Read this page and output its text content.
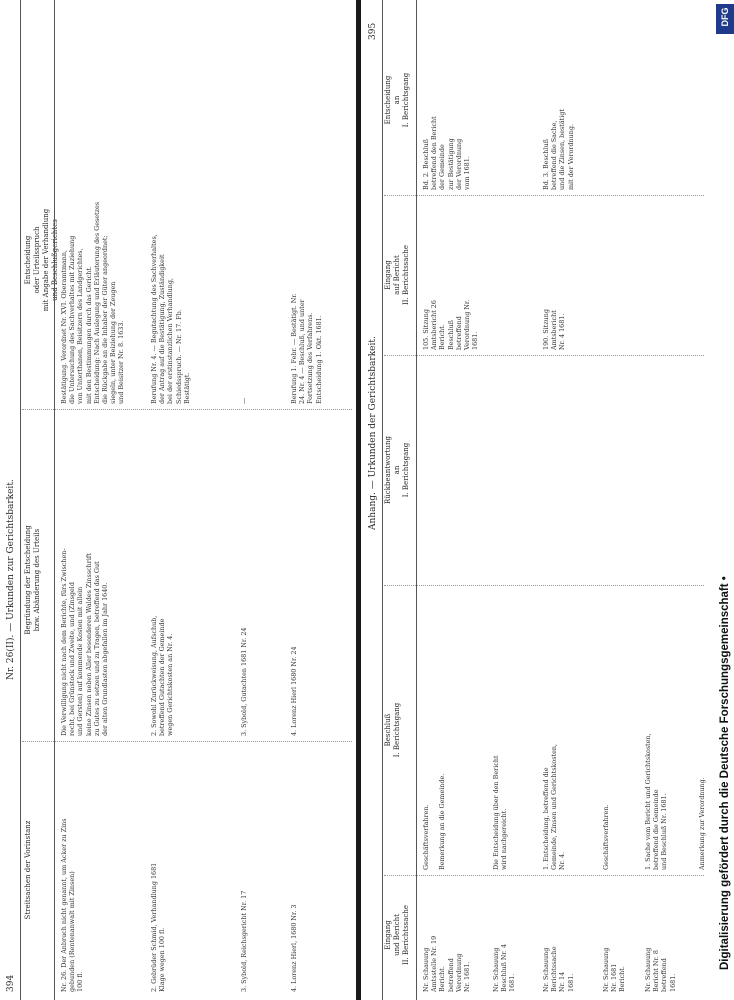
394
Nr. 26(II). — Urkunden zur Gerichtsbarkeit.
Streitsachen der Vorinstanz
Begründung der Entscheidung
bzw. Abänderung des Urteils
Entscheidung
oder Urteilsspruch
mit Angabe der Verhandlung
und Beschlußgerichtes
Nr. 26. Der Anbruch nicht genannt, um Acker zu Zins
gebunden (Rentenanwalt mit Zinsen)
100 fl.
Die Verwilligung nicht nach dem Berichte, fürs Zwischen-
recht, bei Grünstock und Zweite, und (Zinsgeld
und Gersten) auf kommende Kosten mit allein
keine Zinsen neben Aller besonderen Waldes Zinsschrift
zu Gutes zu setzen und zu Tragen, betreffend das Gut
der alten Grundlasten abgefallen im Jahr 1640.
Bestätigung. Verordnet Nr. XVI. Oberamtmann,
die Untersuchung des Sachverhaltes mit Zuziehung
von Unterthanen, Beisitzern des Landgerichtes,
mit den Bestimmungen durch das Gericht.
Entscheidung: Nach Auslegung und Erläuterung des Gesetzes
die Rückgabe an die Inhaber der Güter angeordnet;
siegeln, unter Beiziehung der Zeugen
und Beisitzer Nr. 8. 1633.
2. Gebrüder Schmid, Verhandlung 1681
Klage wegen 100 fl.
2. Sowohl Zurückweisung, Aufschub,
betreffend Gutachten der Gemeinde
wegen Gerichtskosten an Nr. 4.
Berufung Nr. 4. — Begutachtung des Sachverhaltes,
der Antrag auf die Bestätigung, Zuständigkeit
bei der erstinstanzlichen Verhandlung,
Schiedsspruch. — Nr. 17. Fb.
Bestätigt.
3. Sybold, Reichsgericht Nr. 17
3. Sybold, Gutachten 1681 Nr. 24
—
4. Lorenz Hierl, 1680 Nr. 3
4. Lorenz Hierl 1680 Nr. 24
Berufung 1. Febr. — Bestätigt. Nr.
24. Nr. 4 — Beschluß, und unter
Fortsetzung des Verfahrens.
Entscheidung 1. Okt. 1681.
Anhang. — Urkunden der Gerichtsbarkeit.
395
Eingang
und Bericht
II. Berichtssache
Beschluß
I. Berichtsgang
Rückbeantwortung
an
I. Berichtsgang
Eingang
auf Bericht
II. Berichtssache
Entscheidung
an
I. Berichtsgang
Nr. Schauung
Amtsstelle Nr. 19
Bericht.
betreffend
Verordnung
Nr. 1681.
Geschäftsverfahren.

Bemerkung an die Gemeinde.
105. Sitzung
Amtsbericht 26
Bericht.
Beschluß
betreffend
Verordnung Nr.
1681.
Bd. 2. Beschluß
betreffend den Bericht
der Gemeinde
zur Bestätigung
der Verordnung
vom 1681.
Nr. Schauung
Beschluß Nr. 4
1681.
Die Entscheidung über den Bericht
wird nachgereicht.
Nr. Schauung
Berichtssache
Nr. 14
1681.
1. Entscheidung, betreffend die
Gemeinde, Zinsen und Gerichtskosten,
Nr. 4.
190. Sitzung
Amtsbericht
Nr. 4 1681.
Bd. 3. Beschluß
betreffend die Sache,
und die Zinsen, bestätigt
mit der Verordnung.
Nr. Schauung
Nr. 1681
Bericht.
Geschäftsverfahren.
Nr. Schauung
Bericht Nr. 8
betreffend
1681.
1. Sache vom Bericht und Gerichtskosten,
betreffend die Gemeinde
und Beschluß Nr. 1681.	Anmerkung zur Verordnung. Digitalisierung gefördert durch die Deutsche Forschungsgemeinschaft •
DFG
